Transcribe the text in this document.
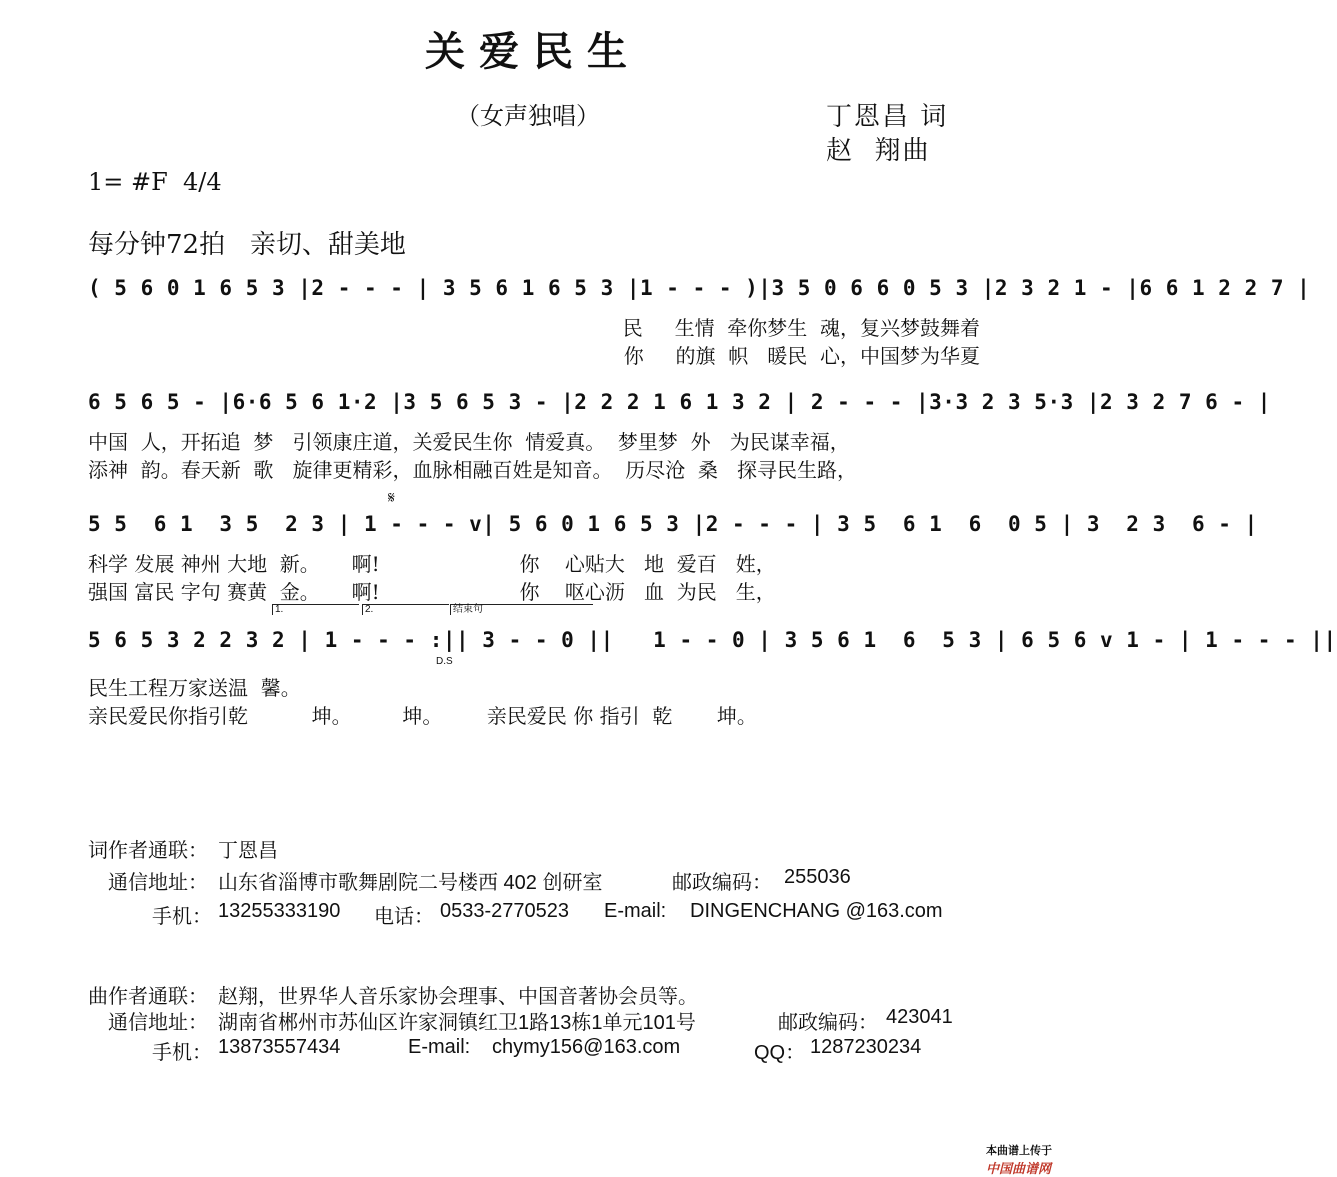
关爱民生
（女声独唱）	丁恩昌 词
赵  翔曲
1= #F  4/4
每分钟72拍   亲切、甜美地
( 5 6 0 1 6 5 3 |2 - - - | 3 5 6 1 6 5 3 |1 - - - )|3 5 0 6 6 0 5 3 |2 3 2 1 - |6 6 1 2 2 7 |
民     生情  牵你梦生  魂，复兴梦鼓舞着
你     的旗  帜   暖民  心，中国梦为华夏
6 5 6 5 - |6·6 5 6 1·2 |3 5 6 5 3 - |2 2 2 1 6 1 3 2 | 2 - - - |3·3 2 3 5·3 |2 3 2 7 6 - |
中国  人，开拓追  梦   引领康庄道，关爱民生你  情爱真。  梦里梦  外   为民谋幸福，
添神  韵。春天新  歌   旋律更精彩，血脉相融百姓是知音。  历尽沧  桑   探寻民生路，
𝄋
5 5  6 1  3 5  2 3 | 1 - - - v| 5 6 0 1 6 5 3 |2 - - - | 3 5  6 1  6  0 5 | 3  2 3  6 - |
科学 发展 神州 大地  新。     啊!                      你    心贴大   地  爱百   姓，
强国 富民 字句 赛黄  金。     啊!                      你    呕心沥   血  为民   生，
1.	2.	结束句
5 6 5 3 2 2 3 2 | 1 - - - :|| 3 - - 0 ||   1 - - 0 | 3 5 6 1  6  5 3 | 6 5 6 v 1 - | 1 - - - ||
D.S
民生工程万家送温  馨。
亲民爱民你指引乾          坤。        坤。       亲民爱民 你 指引  乾       坤。
词作者通联： 丁恩昌
通信地址： 山东省淄博市歌舞剧院二号楼西 402 创研室	邮政编码： 255036
手机： 13255333190 电话： 0533-2770523 E-mail: DINGENCHANG @163.com
曲作者通联： 赵翔，世界华人音乐家协会理事、中国音著协会员等。
通信地址： 湖南省郴州市苏仙区许家洞镇红卫1路13栋1单元101号	邮政编码： 423041
手机： 13873557434	E-mail: chymy156@163.com	QQ： 1287230234

本曲谱上传于
中国曲谱网
